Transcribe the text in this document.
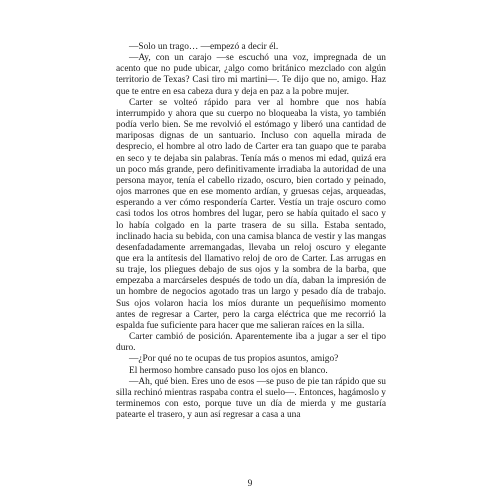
—Solo un trago… —empezó a decir él.

—Ay, con un carajo —se escuchó una voz, impregnada de un acento que no pude ubicar, ¿algo como británico mezclado con algún territorio de Texas? Casi tiro mi martini—. Te dijo que no, amigo. Haz que te entre en esa cabeza dura y deja en paz a la pobre mujer.

Carter se volteó rápido para ver al hombre que nos había interrumpido y ahora que su cuerpo no bloqueaba la vista, yo también podía verlo bien. Se me revolvió el estómago y liberó una cantidad de mariposas dignas de un santuario. Incluso con aquella mirada de desprecio, el hombre al otro lado de Carter era tan guapo que te paraba en seco y te dejaba sin palabras. Tenía más o menos mi edad, quizá era un poco más grande, pero definitivamente irradiaba la autoridad de una persona mayor, tenía el cabello rizado, oscuro, bien cortado y peinado, ojos marrones que en ese momento ardían, y gruesas cejas, arqueadas, esperando a ver cómo respondería Carter. Vestía un traje oscuro como casi todos los otros hombres del lugar, pero se había quitado el saco y lo había colgado en la parte trasera de su silla. Estaba sentado, inclinado hacia su bebida, con una camisa blanca de vestir y las mangas desenfadadamente arremangadas, llevaba un reloj oscuro y elegante que era la antítesis del llamativo reloj de oro de Carter. Las arrugas en su traje, los pliegues debajo de sus ojos y la sombra de la barba, que empezaba a marcárseles después de todo un día, daban la impresión de un hombre de negocios agotado tras un largo y pesado día de trabajo. Sus ojos volaron hacia los míos durante un pequeñísimo momento antes de regresar a Carter, pero la carga eléctrica que me recorrió la espalda fue suficiente para hacer que me salieran raíces en la silla.

Carter cambió de posición. Aparentemente iba a jugar a ser el tipo duro.

—¿Por qué no te ocupas de tus propios asuntos, amigo?

El hermoso hombre cansado puso los ojos en blanco.

—Ah, qué bien. Eres uno de esos —se puso de pie tan rápido que su silla rechinó mientras raspaba contra el suelo—. Entonces, hagámoslo y terminemos con esto, porque tuve un día de mierda y me gustaría patearte el trasero, y aun así regresar a casa a una

9
